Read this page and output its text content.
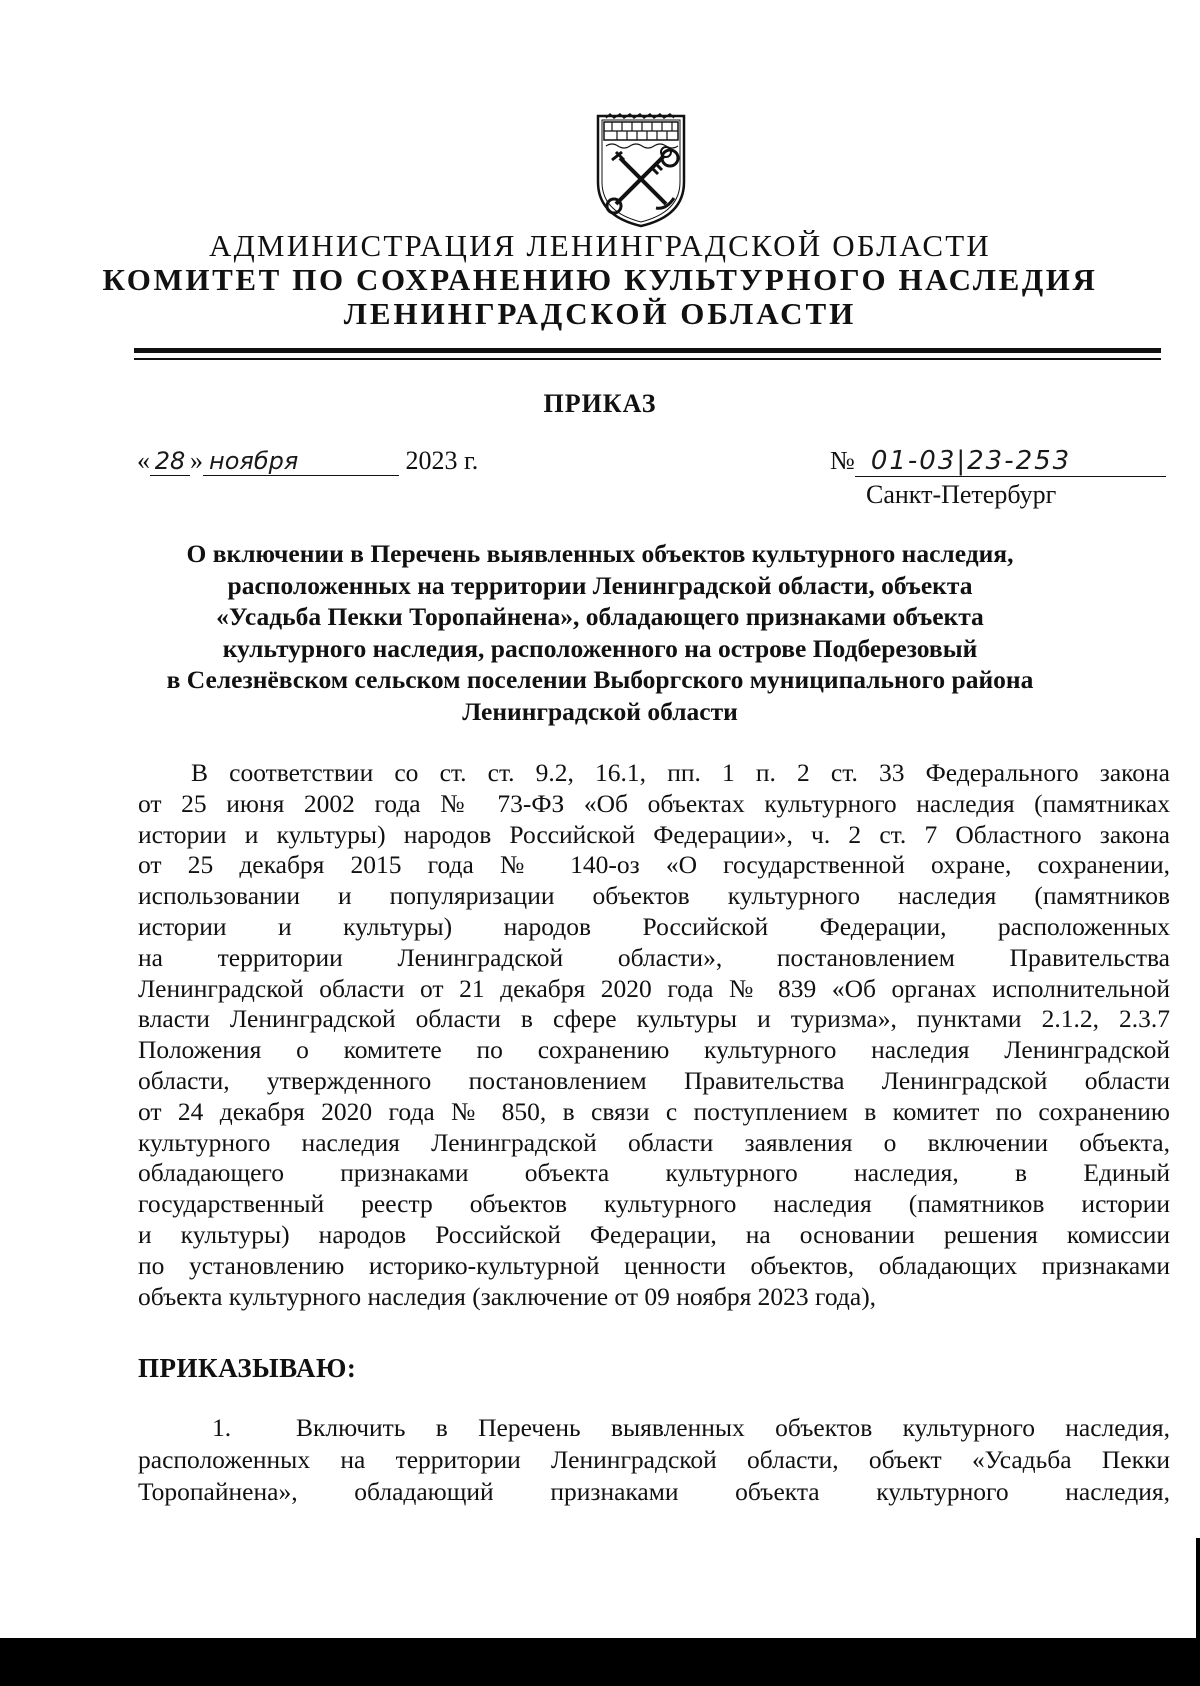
АДМИНИСТРАЦИЯ ЛЕНИНГРАДСКОЙ ОБЛАСТИ
КОМИТЕТ ПО СОХРАНЕНИЮ КУЛЬТУРНОГО НАСЛЕДИЯ
ЛЕНИНГРАДСКОЙ ОБЛАСТИ
ПРИКАЗ
« 28 » ноября	2023 г.	№ 01-03|23-253
Санкт-Петербург
О включении в Перечень выявленных объектов культурного наследия,
расположенных на территории Ленинградской области, объекта
«Усадьба Пекки Торопайнена», обладающего признаками объекта
культурного наследия, расположенного на острове Подберезовый
в Селезнёвском сельском поселении Выборгского муниципального района
Ленинградской области
В соответствии со ст. ст. 9.2, 16.1, пп. 1 п. 2 ст. 33 Федерального закона
от 25 июня 2002 года № 73-ФЗ «Об объектах культурного наследия (памятниках
истории и культуры) народов Российской Федерации», ч. 2 ст. 7 Областного закона
от 25 декабря 2015 года № 140-оз «О государственной охране, сохранении,
использовании и популяризации объектов культурного наследия (памятников
истории и культуры) народов Российской Федерации, расположенных
на территории Ленинградской области», постановлением Правительства
Ленинградской области от 21 декабря 2020 года № 839 «Об органах исполнительной
власти Ленинградской области в сфере культуры и туризма», пунктами 2.1.2, 2.3.7
Положения о комитете по сохранению культурного наследия Ленинградской
области, утвержденного постановлением Правительства Ленинградской области
от 24 декабря 2020 года № 850, в связи с поступлением в комитет по сохранению
культурного наследия Ленинградской области заявления о включении объекта,
обладающего признаками объекта культурного наследия, в Единый
государственный реестр объектов культурного наследия (памятников истории
и культуры) народов Российской Федерации, на основании решения комиссии
по установлению историко-культурной ценности объектов, обладающих признаками
объекта культурного наследия (заключение от 09 ноября 2023 года),
ПРИКАЗЫВАЮ:
1.	Включить в Перечень выявленных объектов культурного наследия,
расположенных на территории Ленинградской области, объект «Усадьба Пекки
Торопайнена», обладающий признаками объекта культурного наследия,
